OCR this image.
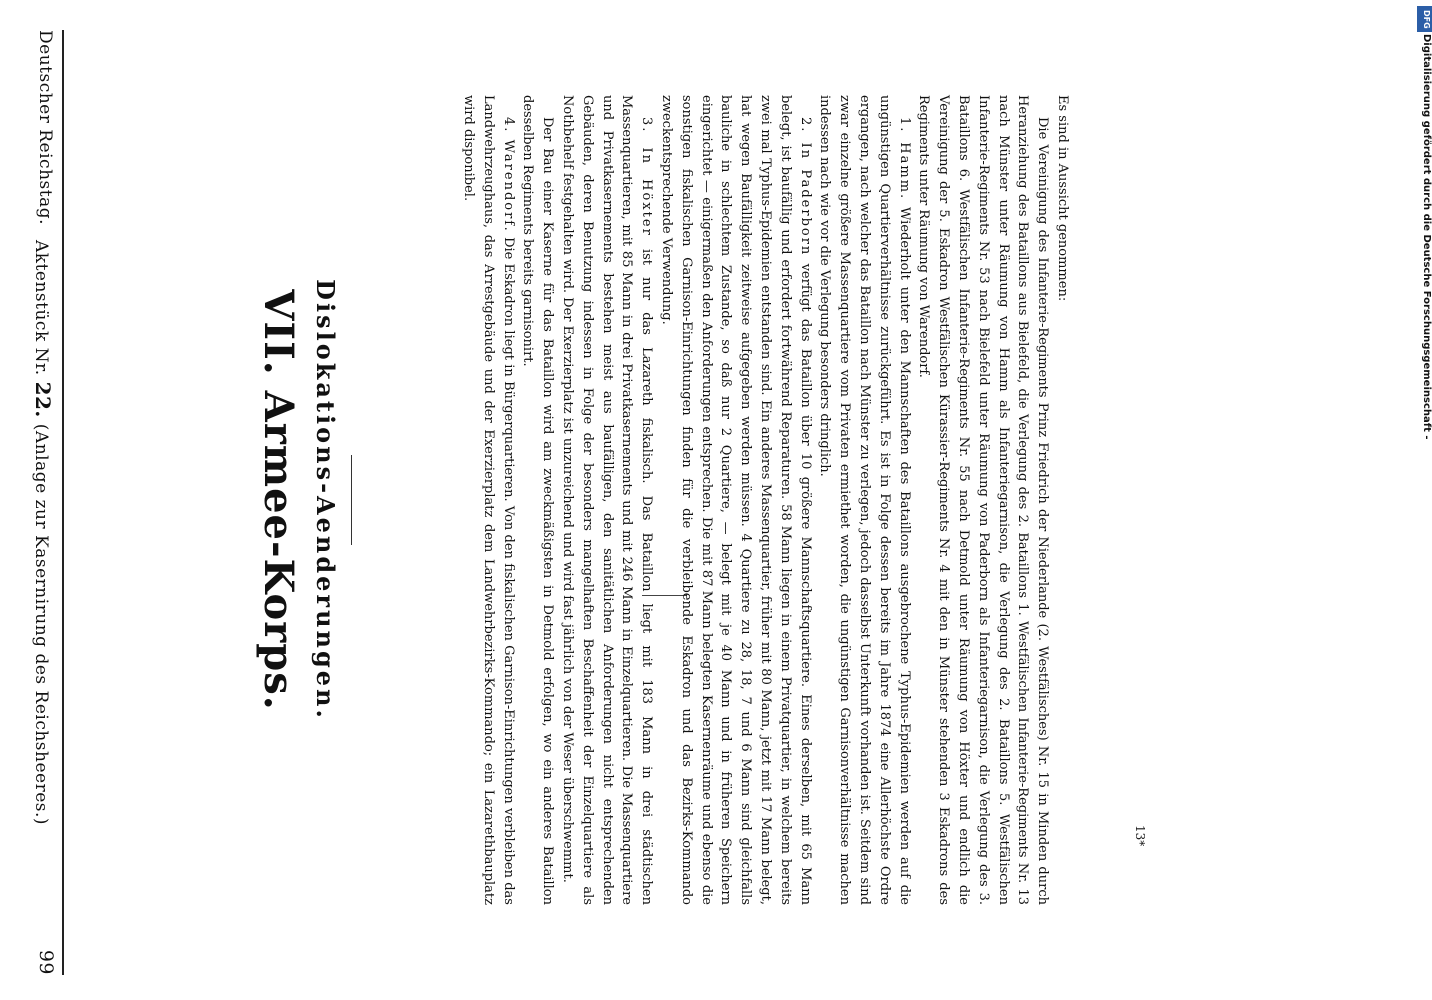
Deutscher Reichstag.
Aktenstück Nr. 22. (Anlage zur Kasernirung des Reichsheeres.)
99
VII. Armee-Korps. Dislokations-Aenderungen.

Es sind in Aussicht genommen:

Die Vereinigung des Infanterie-Regiments Prinz Friedrich der Niederlande (2. Westfälisches) Nr. 15 in Minden durch Heranziehung des Bataillons aus Bielefeld, die Verlegung des 2. Bataillons 1. Westfälischen Infanterie-Regiments Nr. 13 nach Münster unter Räumung von Hamm als Infanteriegarnison, die Verlegung des 2. Bataillons 5. Westfälischen Infanterie-Regiments Nr. 53 nach Bielefeld unter Räumung von Paderborn als Infanteriegarnison, die Verlegung des 3. Bataillons 6. Westfälischen Infanterie-Regiments Nr. 55 nach Detmold unter Räumung von Höxter und endlich die Vereinigung der 5. Eskadron Westfälischen Kürassier-Regiments Nr. 4 mit den in Münster stehenden 3 Eskadrons des Regiments unter Räumung von Warendorf.

1. Hamm. Wiederholt unter den Mannschaften des Bataillons ausgebrochene Typhus-Epidemien werden auf die ungünstigen Quartierverhältnisse zurückgeführt. Es ist in Folge dessen bereits im Jahre 1874 eine Allerhöchste Ordre ergangen, nach welcher das Bataillon nach Münster zu verlegen, jedoch dasselbst Unterkunft vorhanden ist. Seitdem sind zwar einzelne größere Massenquartiere vom Privaten ermiethet worden, die ungünstigen Garnisonverhältnisse machen indessen nach wie vor die Verlegung besonders dringlich.

2. In Paderborn verfügt das Bataillon über 10 größere Mannschaftsquartiere. Eines derselben, mit 65 Mann belegt, ist baufällig und erfordert fortwährend Reparaturen. 58 Mann liegen in einem Privatquartier, in welchem bereits zwei mal Typhus-Epidemien entstanden sind. Ein anderes Massenquartier, früher mit 80 Mann, jetzt mit 17 Mann belegt, hat wegen Baufälligkeit zeitweise aufgegeben werden müssen. 4 Quartiere zu 28, 18, 7 und 6 Mann sind gleichfalls bauliche in schlechtem Zustande, so daß nur 2 Quartiere, — belegt mit je 40 Mann und in früheren Speichern eingerichtet — einigermaßen den Anforderungen entsprechen. Die mit 87 Mann belegten Kasernenräume und ebenso die sonstigen fiskalischen Garnison-Einrichtungen finden für die verbleibende Eskadron und das Bezirks-Kommando zweckentsprechende Verwendung.

3. In Höxter ist nur das Lazareth fiskalisch. Das Bataillon liegt mit 183 Mann in drei städtischen Massenquartieren, mit 85 Mann in drei Privatkasernements und mit 246 Mann in Einzelquartieren. Die Massenquartiere und Privatkasernements bestehen meist aus baufälligen, den sanitätlichen Anforderungen nicht entsprechenden Gebäuden, deren Benutzung indessen in Folge der besonders mangelhaften Beschaffenheit der Einzelquartiere als Nothbehelf festgehalten wird. Der Exerzierplatz ist unzureichend und wird fast jährlich von der Weser überschwemmt.

Der Bau einer Kaserne für das Bataillon wird am zweckmäßigsten in Detmold erfolgen, wo ein anderes Bataillon desselben Regiments bereits garnisonirt.

4. Warendorf. Die Eskadron liegt in Bürgerquartieren. Von den fiskalischen Garnison-Einrichtungen verbleiben das Landwehrzeughaus, das Arrestgebäude und der Exerzierplatz dem Landwehrbezirks-Kommando; ein Lazarethbauplatz wird disponibel.

13*
DFG
Digitalisierung gefördert durch die Deutsche Forschungsgemeinschaft -
